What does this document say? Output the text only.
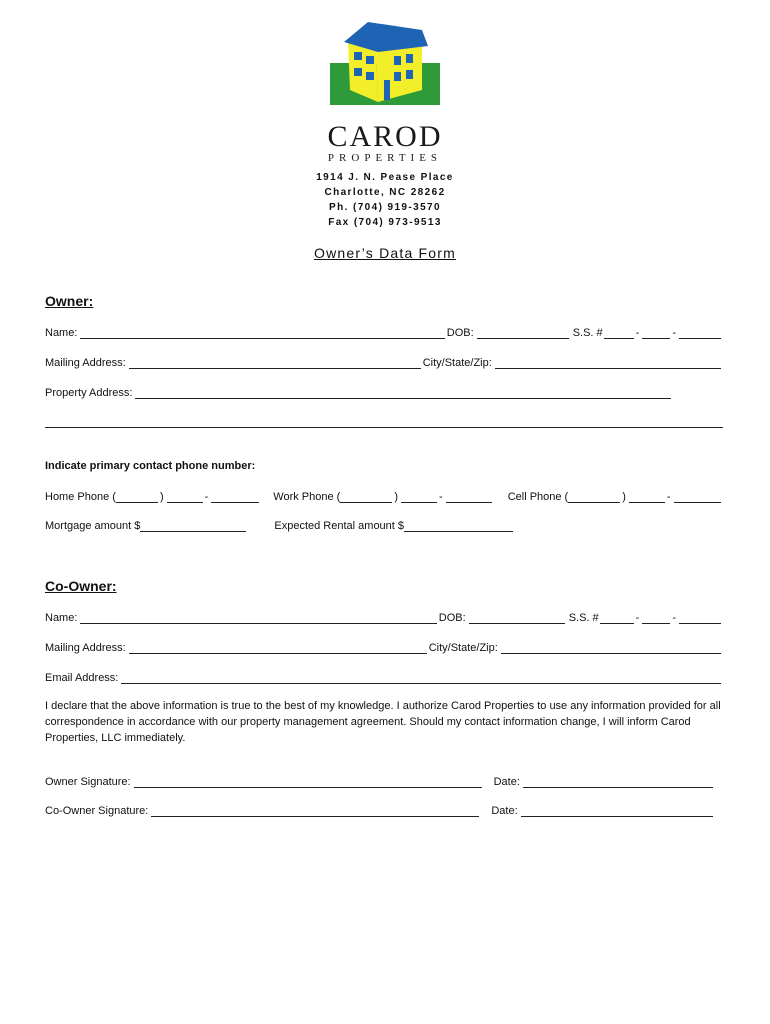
CAROD
PROPERTIES
1914 J. N. Pease Place
Charlotte, NC 28262
Ph. (704) 919-3570
Fax (704) 973-9513
Owner’s Data Form
Owner:
Name:	DOB:	S.S. #	-	-
Mailing Address:	City/State/Zip:
Property Address:
Indicate primary contact phone number:
Home Phone (	)	-	Work Phone (	)	-	Cell Phone (	)	-
Mortgage amount $	Expected Rental amount $
Co-Owner:
Name:	DOB:	S.S. #	-	-
Mailing Address:	City/State/Zip:
Email Address:
I declare that the above information is true to the best of my knowledge. I authorize Carod Properties to use any information provided for all correspondence in accordance with our property management agreement. Should my contact information change, I will inform Carod Properties, LLC immediately.
Owner Signature:	Date:
Co-Owner Signature:	Date:
